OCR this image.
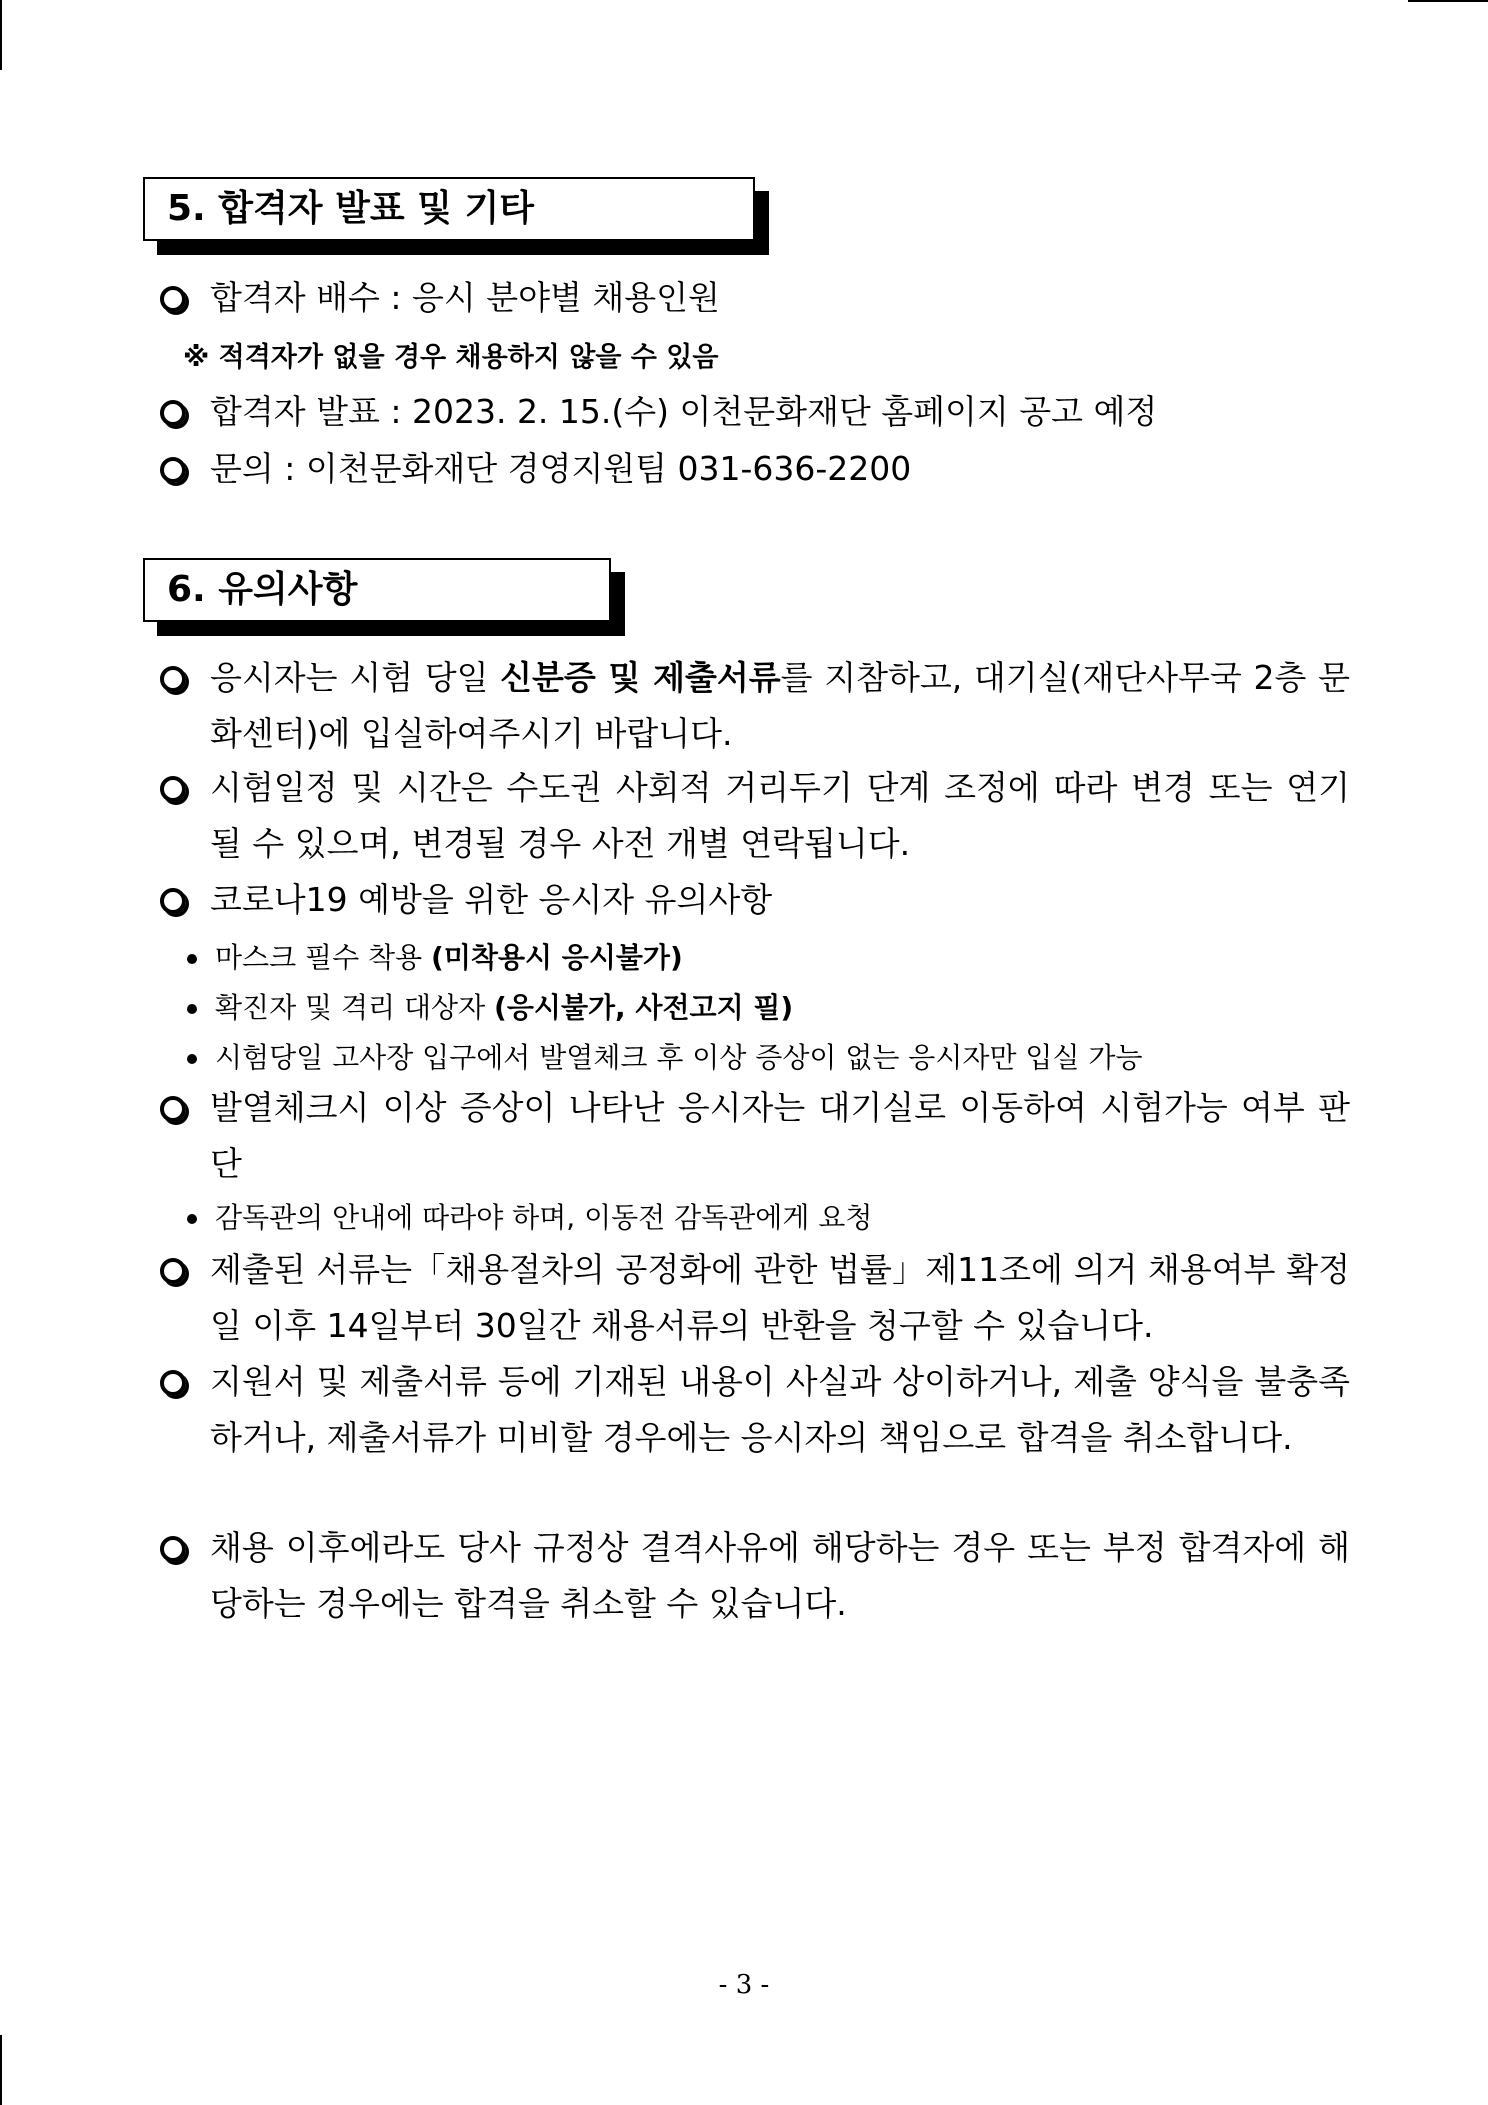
5. 합격자 발표 및 기타
합격자 배수 : 응시 분야별 채용인원
※ 적격자가 없을 경우 채용하지 않을 수 있음
합격자 발표 : 2023. 2. 15.(수) 이천문화재단 홈페이지 공고 예정
문의 : 이천문화재단 경영지원팀 031-636-2200
6. 유의사항
응시자는 시험 당일 신분증 및 제출서류를 지참하고, 대기실(재단사무국 2층 문화센터)에 입실하여주시기 바랍니다.
시험일정 및 시간은 수도권 사회적 거리두기 단계 조정에 따라 변경 또는 연기 될 수 있으며, 변경될 경우 사전 개별 연락됩니다.
코로나19 예방을 위한 응시자 유의사항
마스크 필수 착용 (미착용시 응시불가)
확진자 및 격리 대상자 (응시불가, 사전고지 필)
시험당일 고사장 입구에서 발열체크 후 이상 증상이 없는 응시자만 입실 가능
발열체크시 이상 증상이 나타난 응시자는 대기실로 이동하여 시험가능 여부 판단
감독관의 안내에 따라야 하며, 이동전 감독관에게 요청
제출된 서류는「채용절차의 공정화에 관한 법률」제11조에 의거 채용여부 확정일 이후 14일부터 30일간 채용서류의 반환을 청구할 수 있습니다.
지원서 및 제출서류 등에 기재된 내용이 사실과 상이하거나, 제출 양식을 불충족 하거나, 제출서류가 미비할 경우에는 응시자의 책임으로 합격을 취소합니다.
채용 이후에라도 당사 규정상 결격사유에 해당하는 경우 또는 부정 합격자에 해당하는 경우에는 합격을 취소할 수 있습니다.
- 3 -
